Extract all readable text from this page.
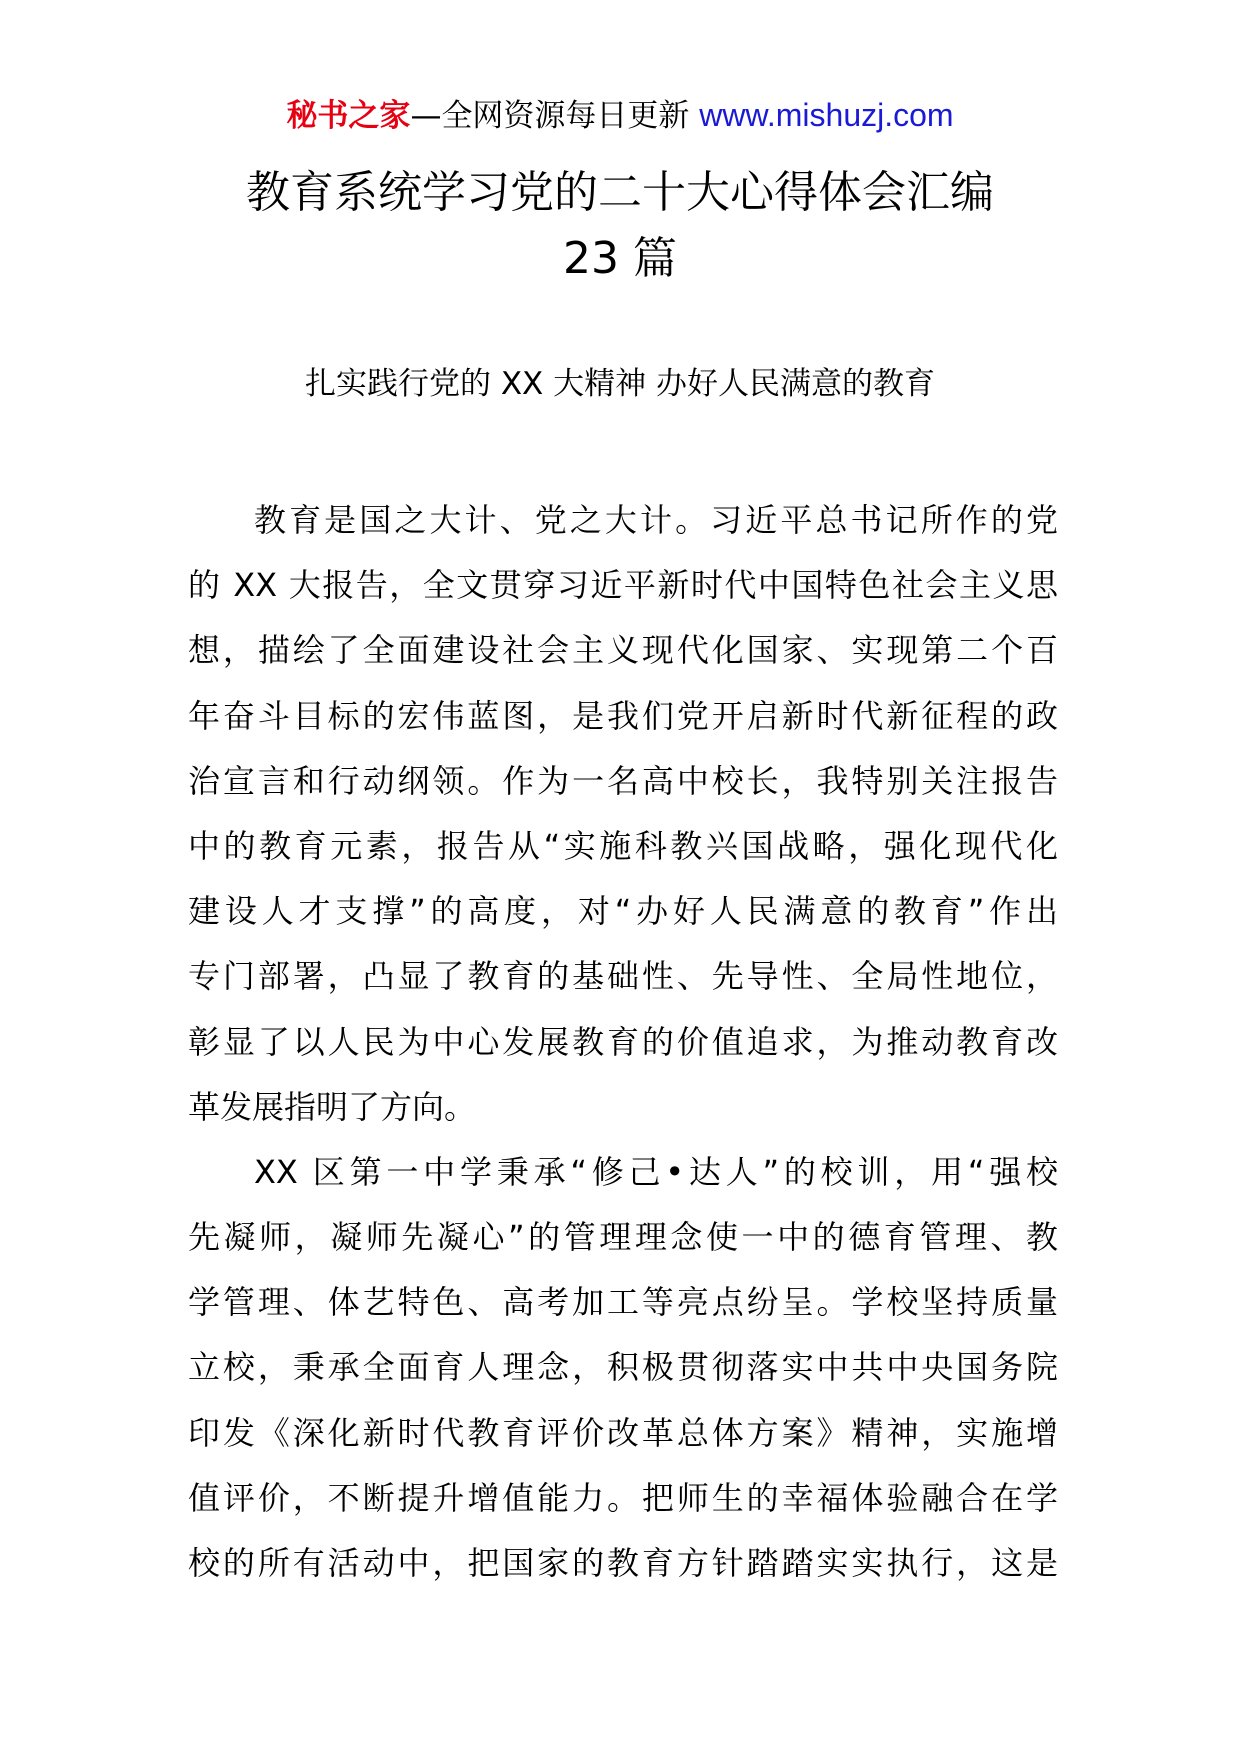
秘书之家—全网资源每日更新 www.mishuzj.com
教育系统学习党的二十大心得体会汇编
23 篇
扎实践行党的 XX 大精神 办好人民满意的教育
教育是国之大计、党之大计。习近平总书记所作的党
的 XX 大报告，全文贯穿习近平新时代中国特色社会主义思
想，描绘了全面建设社会主义现代化国家、实现第二个百
年奋斗目标的宏伟蓝图，是我们党开启新时代新征程的政
治宣言和行动纲领。作为一名高中校长，我特别关注报告
中的教育元素，报告从“实施科教兴国战略，强化现代化
建设人才支撑”的高度，对“办好人民满意的教育”作出
专门部署，凸显了教育的基础性、先导性、全局性地位，
彰显了以人民为中心发展教育的价值追求，为推动教育改
革发展指明了方向。
XX 区第一中学秉承“修己•达人”的校训，用“强校
先凝师，凝师先凝心”的管理理念使一中的德育管理、教
学管理、体艺特色、高考加工等亮点纷呈。学校坚持质量
立校，秉承全面育人理念，积极贯彻落实中共中央国务院
印发《深化新时代教育评价改革总体方案》精神，实施增
值评价，不断提升增值能力。把师生的幸福体验融合在学
校的所有活动中，把国家的教育方针踏踏实实执行，这是
